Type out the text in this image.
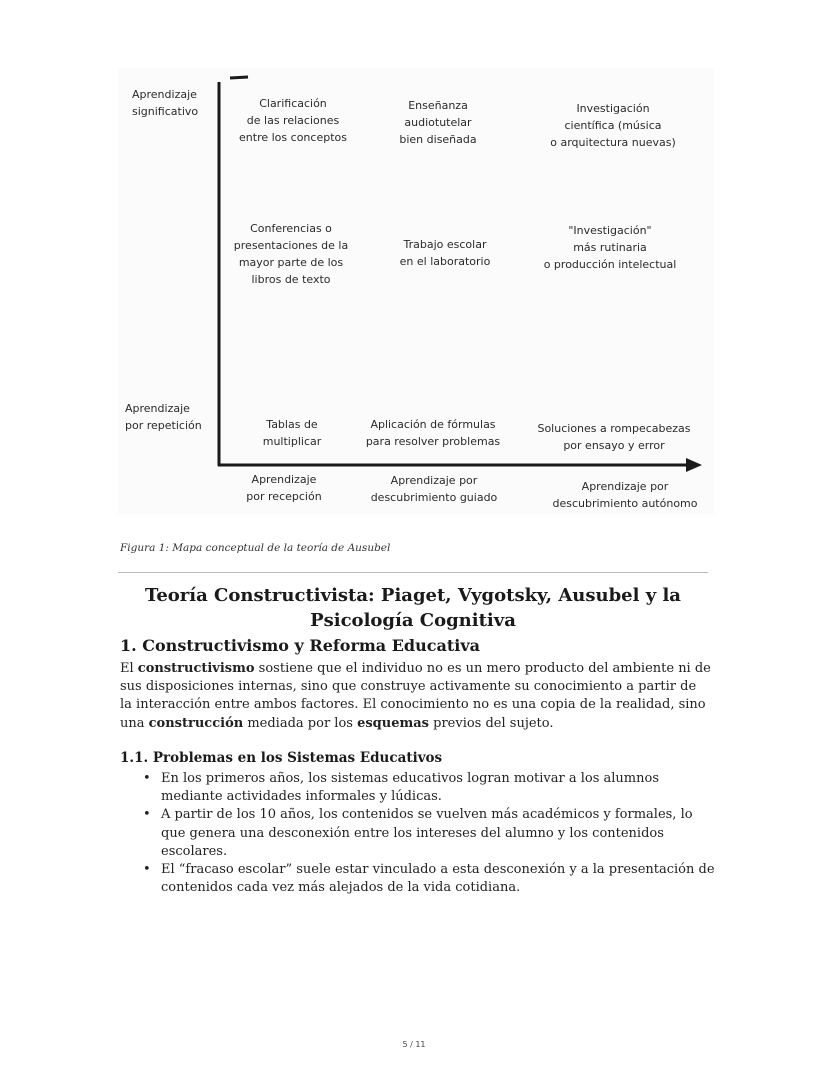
Aprendizaje
significativo
Aprendizaje
por repetición
Clarificación
de las relaciones
entre los conceptos
Enseñanza
audiotutelar
bien diseñada
Investigación
científica (música
o arquitectura nuevas)
Conferencias o
presentaciones de la
mayor parte de los
libros de texto
Trabajo escolar
en el laboratorio
"Investigación"
más rutinaria
o producción intelectual
Tablas de
multiplicar
Aplicación de fórmulas
para resolver problemas
Soluciones a rompecabezas
por ensayo y error
Aprendizaje
por recepción
Aprendizaje por
descubrimiento guiado
Aprendizaje por
descubrimiento autónomo
Figura 1: Mapa conceptual de la teoría de Ausubel
Teoría Constructivista: Piaget, Vygotsky, Ausubel y la Psicología Cognitiva
1. Constructivismo y Reforma Educativa

El constructivismo sostiene que el individuo no es un mero producto del ambiente ni de sus disposiciones internas, sino que construye activamente su conocimiento a partir de la interacción entre ambos factores. El conocimiento no es una copia de la realidad, sino una construcción mediada por los esquemas previos del sujeto.

1.1. Problemas en los Sistemas Educativos
• En los primeros años, los sistemas educativos logran motivar a los alumnos mediante actividades informales y lúdicas.
• A partir de los 10 años, los contenidos se vuelven más académicos y formales, lo que genera una desconexión entre los intereses del alumno y los contenidos escolares.
• El “fracaso escolar” suele estar vinculado a esta desconexión y a la presentación de contenidos cada vez más alejados de la vida cotidiana.
5 / 11
